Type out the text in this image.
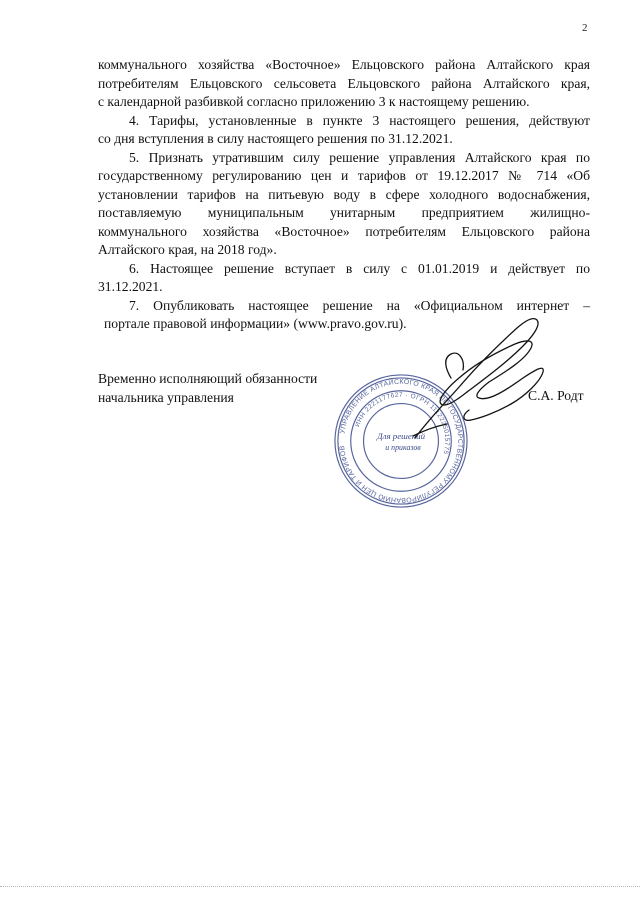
2

коммунального хозяйства «Восточное» Ельцовского района Алтайского края
потребителям Ельцовского сельсовета Ельцовского района Алтайского края,
с календарной разбивкой согласно приложению 3 к настоящему решению.

4. Тарифы, установленные в пункте 3 настоящего решения, действуют
со дня вступления в силу настоящего решения по 31.12.2021.

5. Признать утратившим силу решение управления Алтайского края по
государственному регулированию цен и тарифов от 19.12.2017 № 714 «Об
установлении тарифов на питьевую воду в сфере холодного водоснабжения,
поставляемую муниципальным унитарным предприятием жилищно-
коммунального хозяйства «Восточное» потребителям Ельцовского района
Алтайского края, на 2018 год».

6. Настоящее решение вступает в силу с 01.01.2019 и действует по
31.12.2021.

7. Опубликовать настоящее решение на «Официальном интернет –
портале правовой информации» (www.pravo.gov.ru).

Временно исполняющий обязанности
начальника управления
УПРАВЛЕНИЕ АЛТАЙСКОГО КРАЯ ПО ГОСУДАРСТВЕННОМУ РЕГУЛИРОВАНИЮ ЦЕН И ТАРИФОВ
ИНН 2221177627 · ОГРН 1112225015775
Для решений
и приказов
С.А. Родт
